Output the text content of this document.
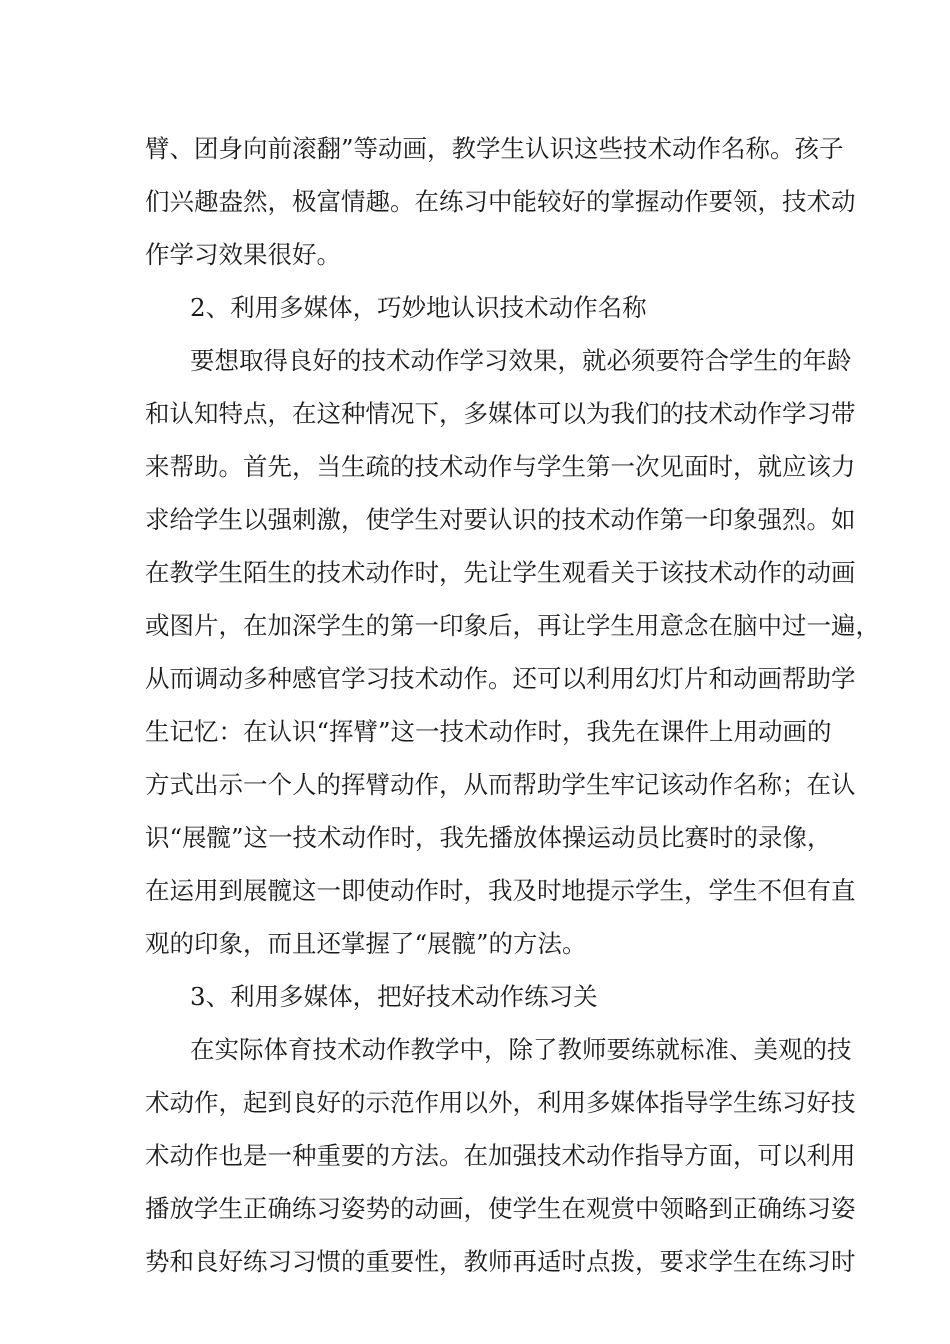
臂、团身向前滚翻”等动画，教学生认识这些技术动作名称。孩子
们兴趣盎然，极富情趣。在练习中能较好的掌握动作要领，技术动
作学习效果很好。
2、利用多媒体，巧妙地认识技术动作名称
要想取得良好的技术动作学习效果，就必须要符合学生的年龄
和认知特点，在这种情况下，多媒体可以为我们的技术动作学习带
来帮助。首先，当生疏的技术动作与学生第一次见面时，就应该力
求给学生以强刺激，使学生对要认识的技术动作第一印象强烈。如
在教学生陌生的技术动作时，先让学生观看关于该技术动作的动画
或图片，在加深学生的第一印象后，再让学生用意念在脑中过一遍，
从而调动多种感官学习技术动作。还可以利用幻灯片和动画帮助学
生记忆：在认识“挥臂”这一技术动作时，我先在课件上用动画的
方式出示一个人的挥臂动作，从而帮助学生牢记该动作名称；在认
识“展髋”这一技术动作时，我先播放体操运动员比赛时的录像，
在运用到展髋这一即使动作时，我及时地提示学生，学生不但有直
观的印象，而且还掌握了“展髋”的方法。
3、利用多媒体，把好技术动作练习关
在实际体育技术动作教学中，除了教师要练就标准、美观的技
术动作，起到良好的示范作用以外，利用多媒体指导学生练习好技
术动作也是一种重要的方法。在加强技术动作指导方面，可以利用
播放学生正确练习姿势的动画，使学生在观赏中领略到正确练习姿
势和良好练习习惯的重要性，教师再适时点拨，要求学生在练习时
